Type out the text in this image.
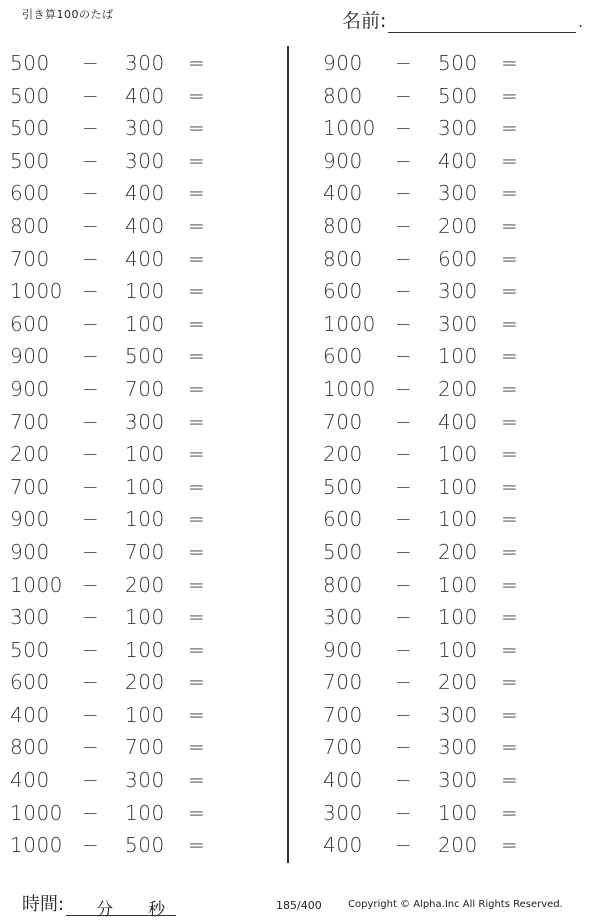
引き算100のたば	名前:	.
500 − 300 =
500 − 400 =
500 − 300 =
500 − 300 =
600 − 400 =
800 − 400 =
700 − 400 =
1000 − 100 =
600 − 100 =
900 − 500 =
900 − 700 =
700 − 300 =
200 − 100 =
700 − 100 =
900 − 100 =
900 − 700 =
1000 − 200 =
300 − 100 =
500 − 100 =
600 − 200 =
400 − 100 =
800 − 700 =
400 − 300 =
1000 − 100 =
1000 − 500 =
900 − 500 =
800 − 500 =
1000 − 300 =
900 − 400 =
400 − 300 =
800 − 200 =
800 − 600 =
600 − 300 =
1000 − 300 =
600 − 100 =
1000 − 200 =
700 − 400 =
200 − 100 =
500 − 100 =
600 − 100 =
500 − 200 =
800 − 100 =
300 − 100 =
900 − 100 =
700 − 200 =
700 − 300 =
700 − 300 =
400 − 300 =
300 − 100 =
400 − 200 =
時間: 分 秒	185/400	Copyright © Alpha.Inc All Rights Reserved.
